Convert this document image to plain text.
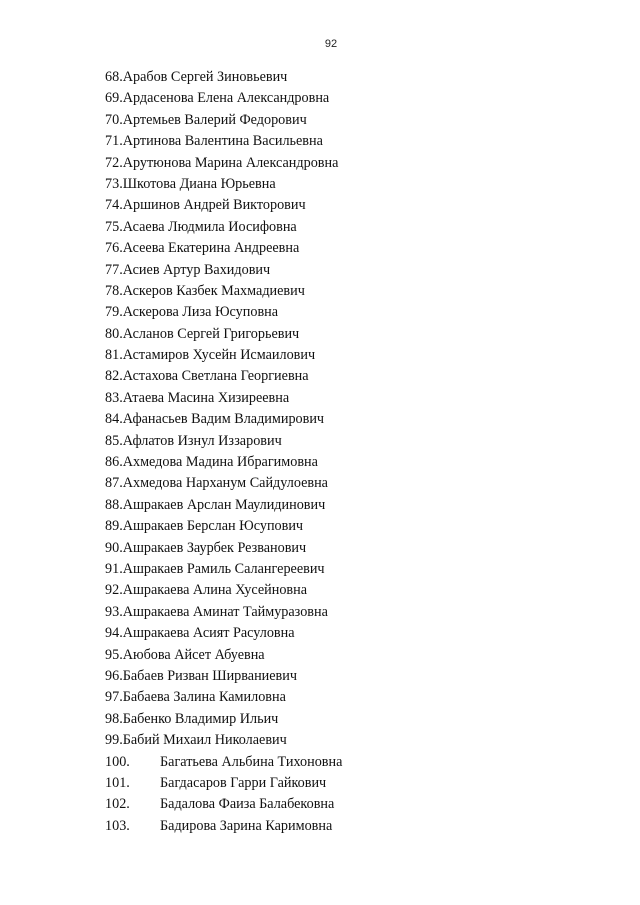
92
68.Арабов Сергей Зиновьевич
69.Ардасенова Елена Александровна
70.Артемьев Валерий Федорович
71.Артинова Валентина Васильевна
72.Арутюнова Марина Александровна
73.Шкотова Диана Юрьевна
74.Аршинов Андрей Викторович
75.Асаева Людмила Иосифовна
76.Асеева Екатерина Андреевна
77.Асиев Артур Вахидович
78.Аскеров Казбек Махмадиевич
79.Аскерова Лиза Юсуповна
80.Асланов Сергей Григорьевич
81.Астамиров Хусейн Исмаилович
82.Астахова Светлана Георгиевна
83.Атаева Масина Хизиреевна
84.Афанасьев Вадим Владимирович
85.Афлатов Изнул Иззарович
86.Ахмедова Мадина Ибрагимовна
87.Ахмедова Нарханум Сайдулоевна
88.Ашракаев Арслан Маулидинович
89.Ашракаев Берслан Юсупович
90.Ашракаев Заурбек Резванович
91.Ашракаев Рамиль Салангереевич
92.Ашракаева Алина Хусейновна
93.Ашракаева Аминат Таймуразовна
94.Ашракаева Асият Расуловна
95.Аюбова Айсет Абуевна
96.Бабаев Ризван Ширваниевич
97.Бабаева Залина Камиловна
98.Бабенко Владимир Ильич
99.Бабий Михаил Николаевич
100. Багатьева Альбина Тихоновна
101. Багдасаров Гарри Гайкович
102. Бадалова Фаиза Балабековна
103. Бадирова Зарина Каримовна
